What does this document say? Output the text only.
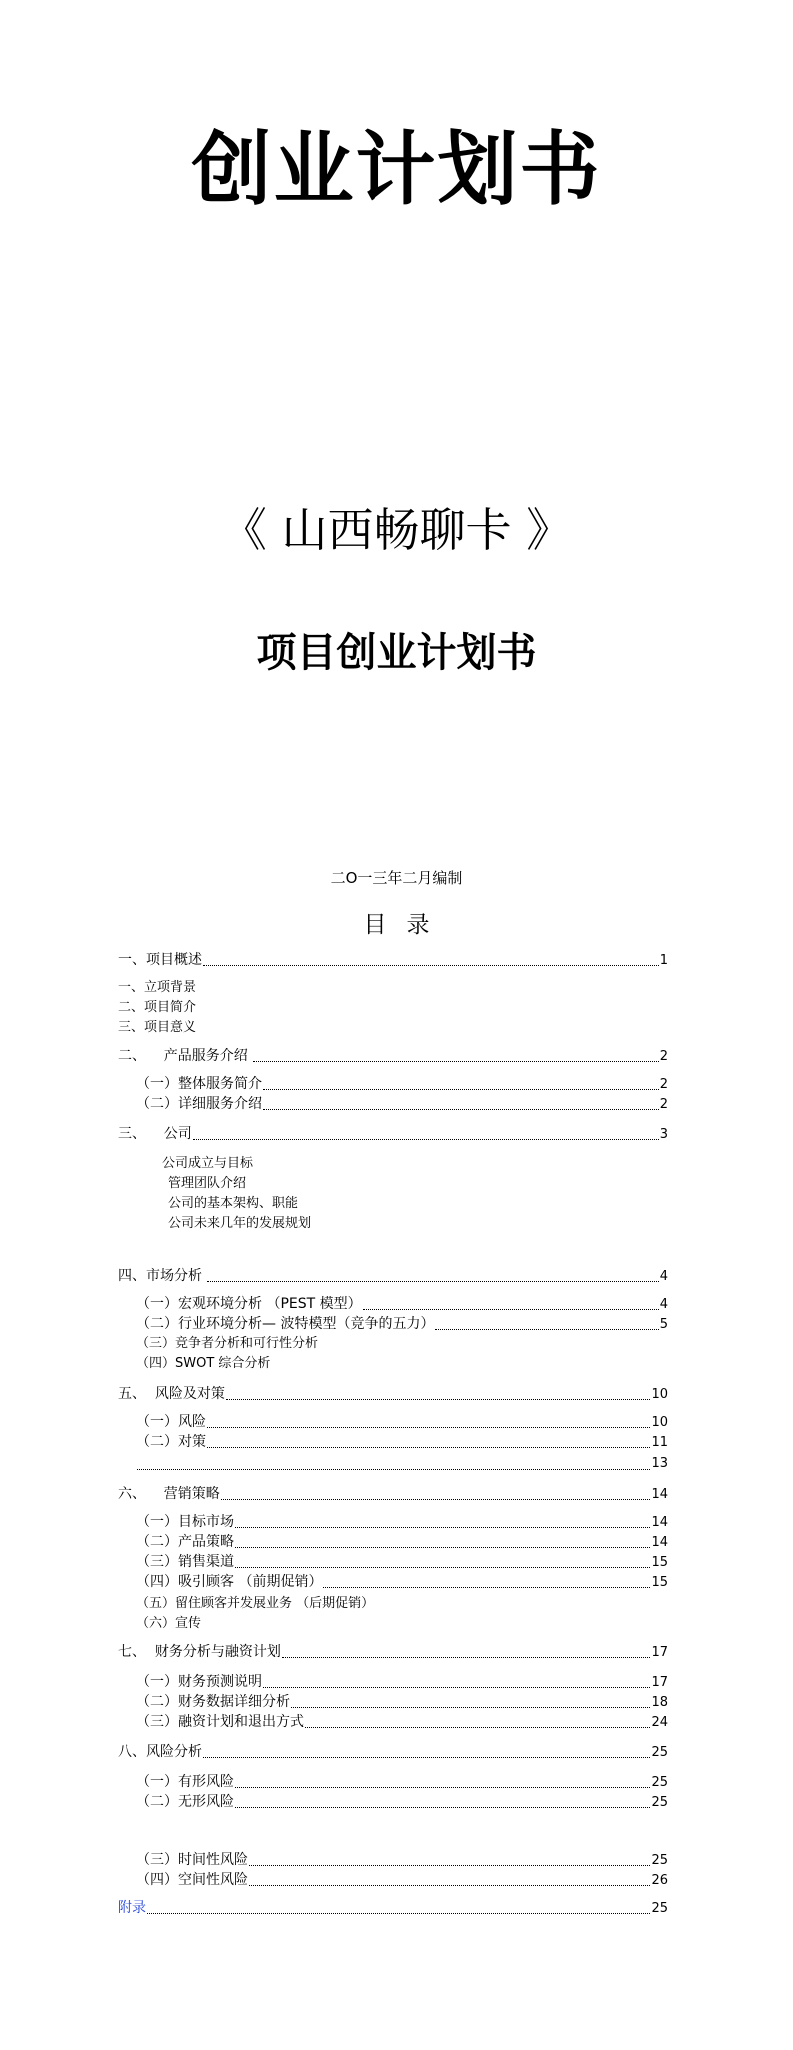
创业计划书
《 山西畅聊卡 》
项目创业计划书
二O一三年二月编制
目录
一、项目概述	1
一、立项背景
二、项目简介
三、项目意义
二、    产品服务介绍	2
（一）整体服务简介	2
（二）详细服务介绍	2
三、    公司	3
公司成立与目标
管理团队介绍
公司的基本架构、职能
公司未来几年的发展规划
四、市场分析	4
（一）宏观环境分析 （PEST 模型）	4
（二）行业环境分析— 波特模型（竞争的五力）	5
（三）竞争者分析和可行性分析
（四）SWOT 综合分析
五、  风险及对策	10
（一）风险	10
（二）对策	11
13
六、    营销策略	14
（一）目标市场	14
（二）产品策略	14
（三）销售渠道	15
（四）吸引顾客 （前期促销）	15
（五）留住顾客并发展业务 （后期促销）
（六）宣传
七、  财务分析与融资计划	17
（一）财务预测说明	17
（二）财务数据详细分析	18
（三）融资计划和退出方式	24
八、风险分析	25
（一）有形风险	25
（二）无形风险	25
（三）时间性风险	25
（四）空间性风险	26
附录	25
